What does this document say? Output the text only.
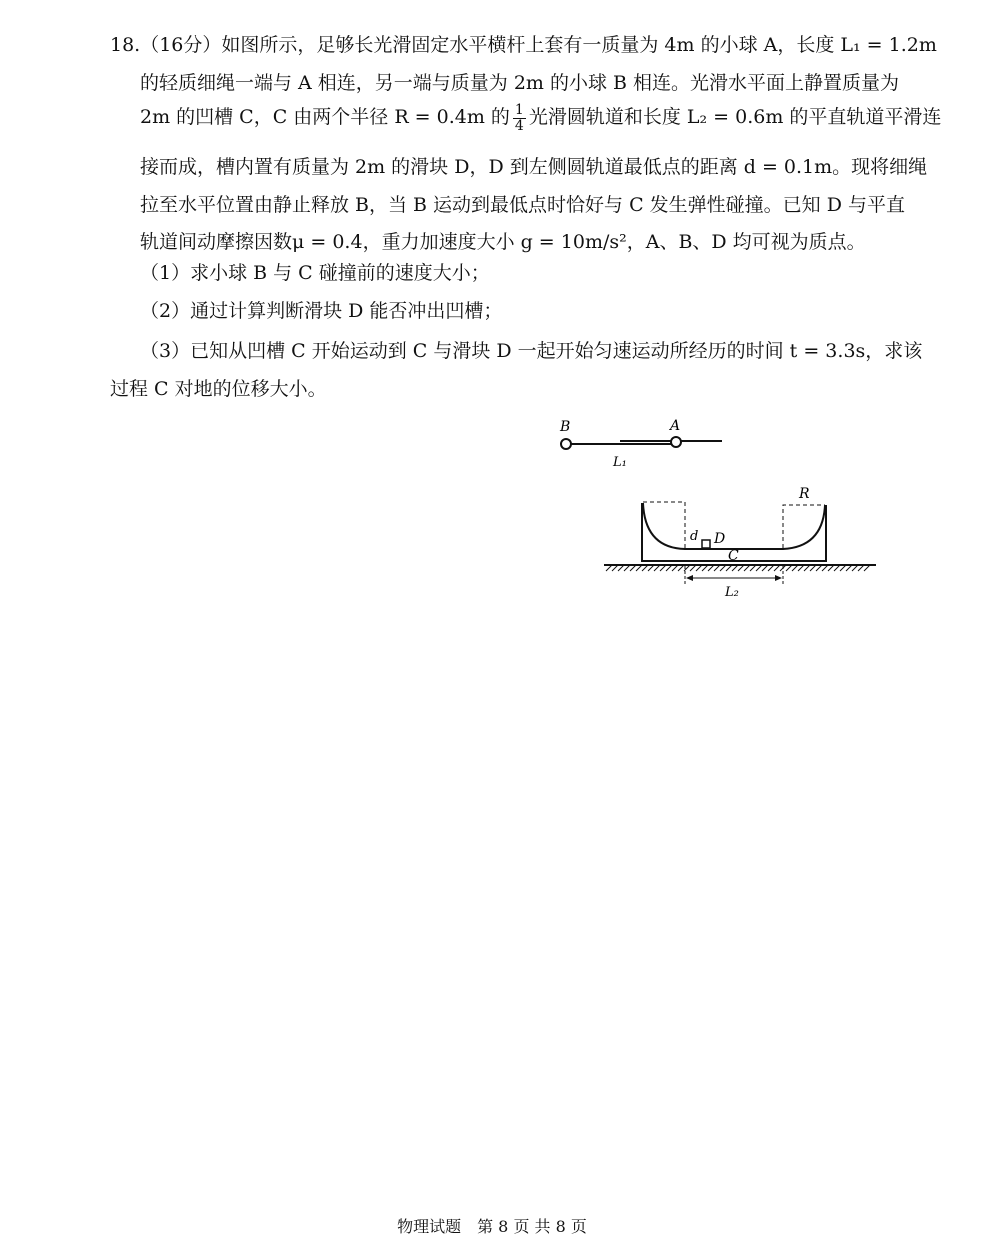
18.（16分）如图所示，足够长光滑固定水平横杆上套有一质量为 4m 的小球 A，长度 L₁ = 1.2m
的轻质细绳一端与 A 相连，另一端与质量为 2m 的小球 B 相连。光滑水平面上静置质量为
2m 的凹槽 C，C 由两个半径 R = 0.4m 的 $\frac{1}{4}$ 光滑圆轨道和长度 L₂ = 0.6m 的平直轨道平滑连
接而成，槽内置有质量为 2m 的滑块 D，D 到左侧圆轨道最低点的距离 d = 0.1m。现将细绳
拉至水平位置由静止释放 B，当 B 运动到最低点时恰好与 C 发生弹性碰撞。已知 D 与平直
轨道间动摩擦因数μ = 0.4，重力加速度大小 g = 10m/s²，A、B、D 均可视为质点。
（1）求小球 B 与 C 碰撞前的速度大小；
（2）通过计算判断滑块 D 能否冲出凹槽；
（3）已知从凹槽 C 开始运动到 C 与滑块 D 一起开始匀速运动所经历的时间 t = 3.3s，求该
过程 C 对地的位移大小。
B	A
L₁
d D
C
R
L₂
物理试题　第 8 页 共 8 页
